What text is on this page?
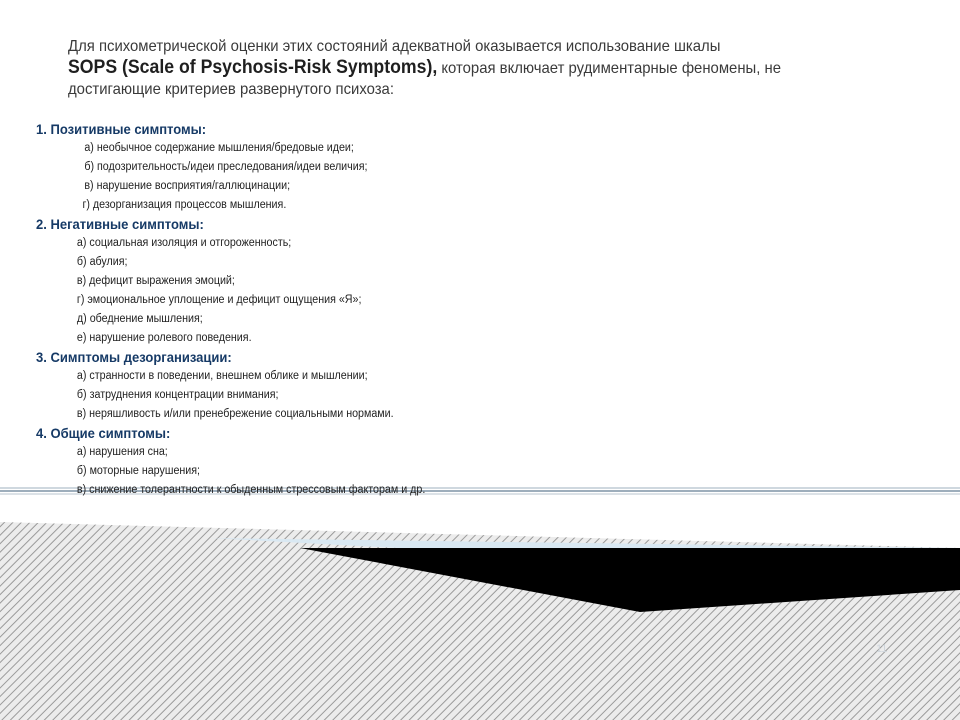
Для психометрической оценки этих состояний адекватной оказывается использование шкалы
SOPS (Scale of Psychosis-Risk Symptoms), которая включает рудиментарные феномены, не
достигающие критериев развернутого психоза:
1. Позитивные симптомы:
а) необычное содержание мышления/бредовые идеи;
б) подозрительность/идеи преследования/идеи величия;
в) нарушение восприятия/галлюцинации;
г) дезорганизация процессов мышления.
2. Негативные симптомы:
а) социальная изоляция и отгороженность;
б) абулия;
в) дефицит выражения эмоций;
г) эмоциональное уплощение и дефицит ощущения «Я»;
д) обеднение мышления;
е) нарушение ролевого поведения.
3. Симптомы дезорганизации:
а) странности в поведении, внешнем облике и мышлении;
б) затруднения концентрации внимания;
в) неряшливость и/или пренебрежение социальными нормами.
4. Общие симптомы:
а) нарушения сна;
б) моторные нарушения;
в) снижение толерантности к обыденным стрессовым факторам и др.
11
